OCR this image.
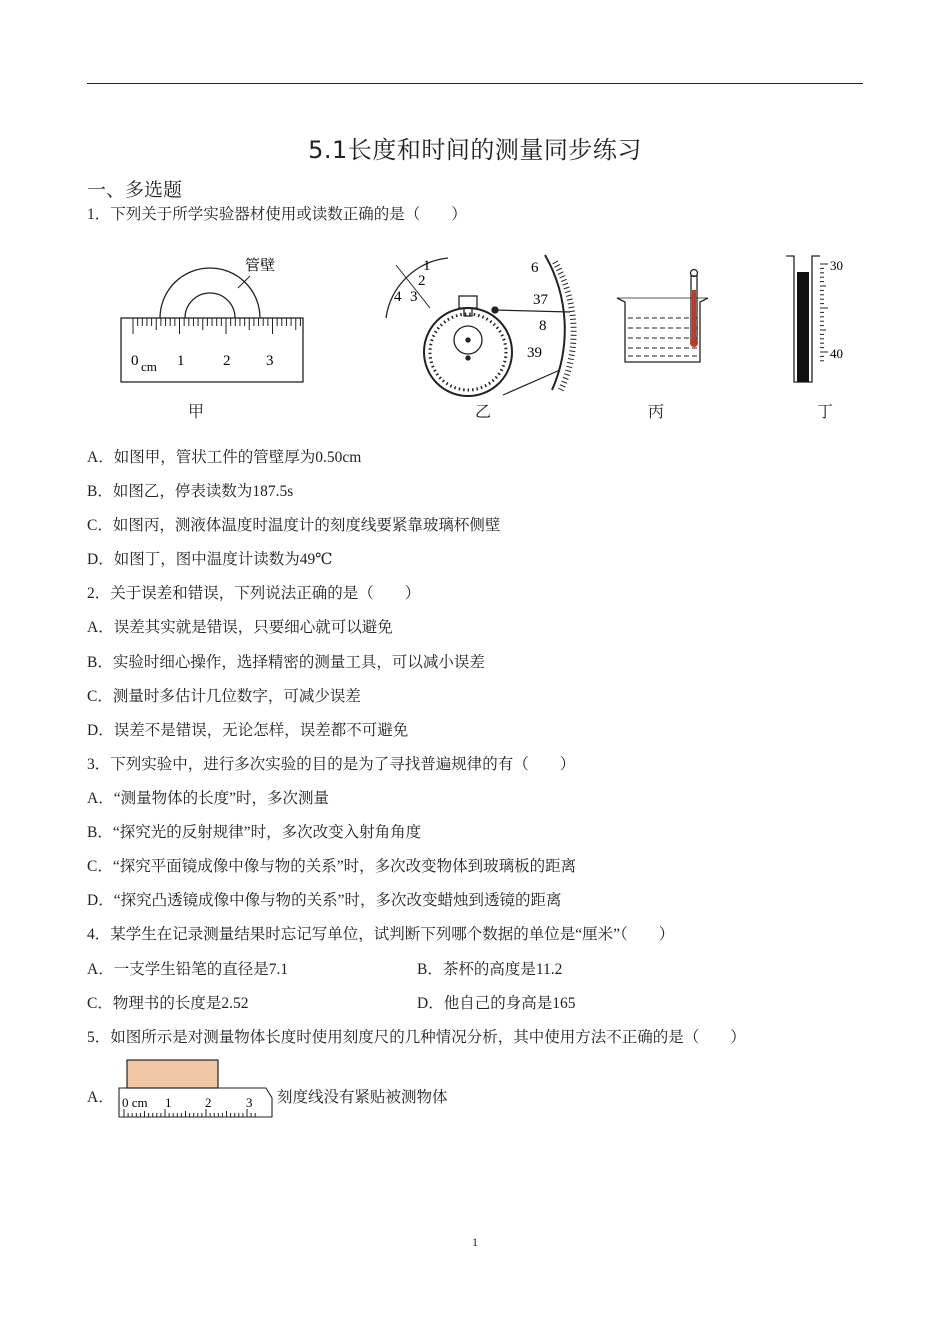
5.1长度和时间的测量同步练习
一、多选题
1．下列关于所学实验器材使用或读数正确的是（　　）
管壁
0 cm 1	2 3
1
2
3
4
6
37
8
39
30
40
甲	乙	丙	丁
A．如图甲，管状工件的管壁厚为0.50cm
B．如图乙，停表读数为187.5s
C．如图丙，测液体温度时温度计的刻度线要紧靠玻璃杯侧壁
D．如图丁，图中温度计读数为49℃
2．关于误差和错误，下列说法正确的是（　　）
A．误差其实就是错误，只要细心就可以避免
B．实验时细心操作，选择精密的测量工具，可以减小误差
C．测量时多估计几位数字，可减少误差
D．误差不是错误，无论怎样，误差都不可避免
3．下列实验中，进行多次实验的目的是为了寻找普遍规律的有（　　）
A．“测量物体的长度”时，多次测量
B．“探究光的反射规律”时，多次改变入射角角度
C．“探究平面镜成像中像与物的关系”时，多次改变物体到玻璃板的距离
D．“探究凸透镜成像中像与物的关系”时，多次改变蜡烛到透镜的距离
4．某学生在记录测量结果时忘记写单位，试判断下列哪个数据的单位是“厘米”（　　）
A．一支学生铅笔的直径是7.1	B．茶杯的高度是11.2
C．物理书的长度是2.52	D．他自己的身高是165
5．如图所示是对测量物体长度时使用刻度尺的几种情况分析，其中使用方法不正确的是（　　）
A． 0 cm 1	2	3 刻度线没有紧贴被测物体
1
